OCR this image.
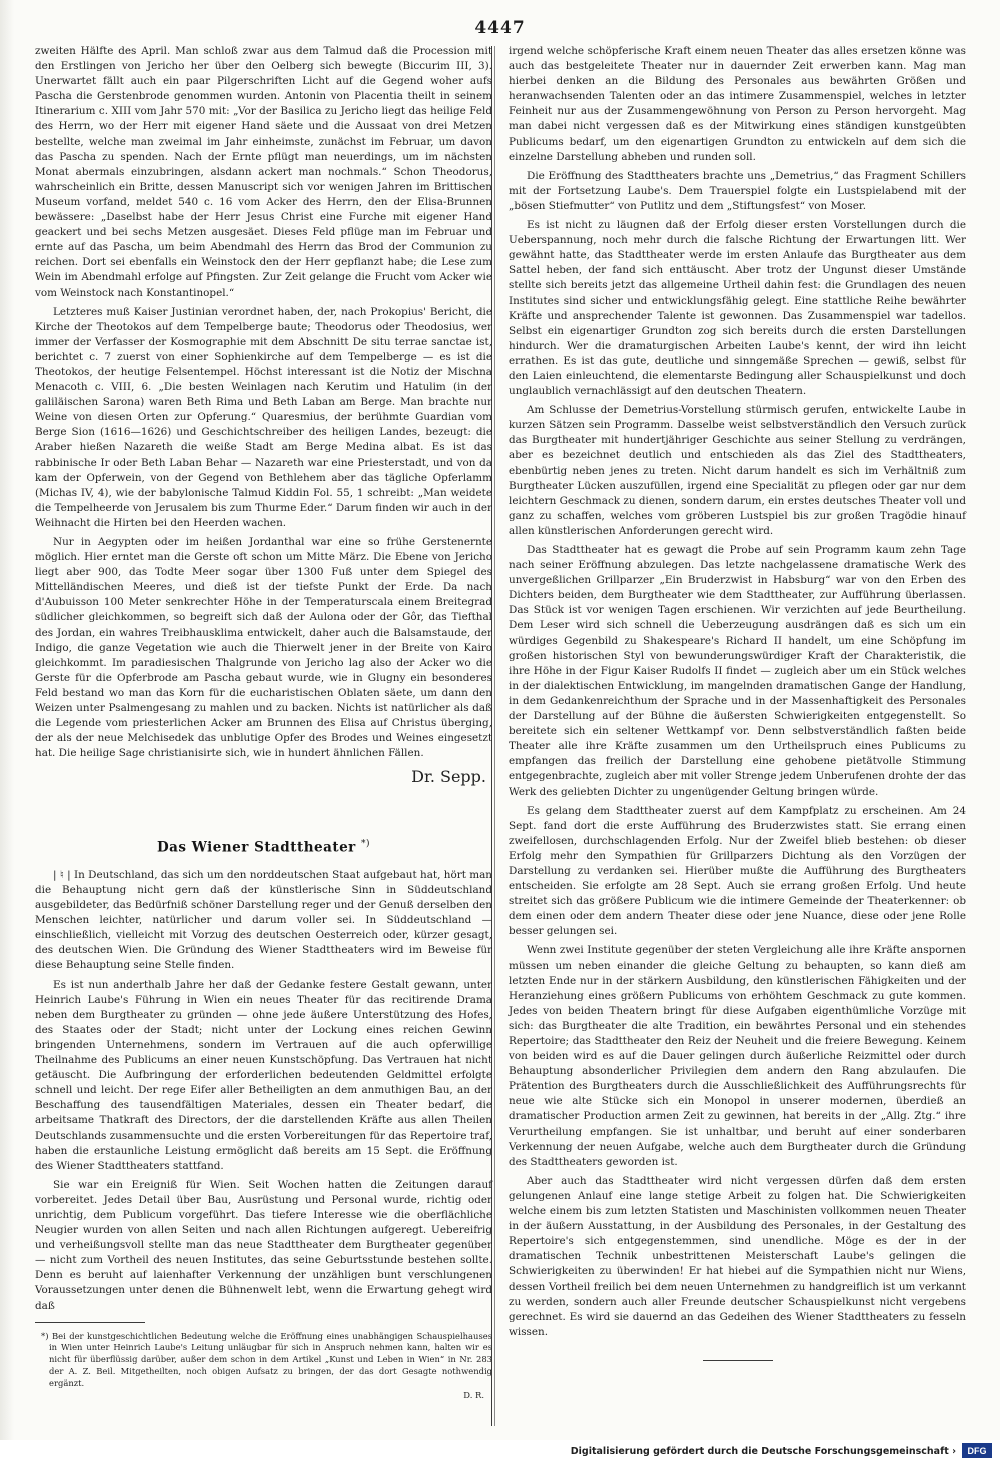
4447

zweiten Hälfte des April. Man schloß zwar aus dem Talmud daß die Procession mit den Erstlingen von Jericho her über den Oelberg sich bewegte (Biccurim III, 3). Unerwartet fällt auch ein paar Pilgerschriften Licht auf die Gegend woher aufs Pascha die Gerstenbrode genommen wurden. Antonin von Placentia theilt in seinem Itinerarium c. XIII vom Jahr 570 mit: „Vor der Basilica zu Jericho liegt das heilige Feld des Herrn, wo der Herr mit eigener Hand säete und die Aussaat von drei Metzen bestellte, welche man zweimal im Jahr einheimste, zunächst im Februar, um davon das Pascha zu spenden. Nach der Ernte pflügt man neuerdings, um im nächsten Monat abermals einzubringen, alsdann ackert man nochmals.“ Schon Theodorus, wahrscheinlich ein Britte, dessen Manuscript sich vor wenigen Jahren im Brittischen Museum vorfand, meldet 540 c. 16 vom Acker des Herrn, den der Elisa-Brunnen bewässere: „Daselbst habe der Herr Jesus Christ eine Furche mit eigener Hand geackert und bei sechs Metzen ausgesäet. Dieses Feld pflüge man im Februar und ernte auf das Pascha, um beim Abendmahl des Herrn das Brod der Communion zu reichen. Dort sei ebenfalls ein Weinstock den der Herr gepflanzt habe; die Lese zum Wein im Abendmahl erfolge auf Pfingsten. Zur Zeit gelange die Frucht vom Acker wie vom Weinstock nach Konstantinopel.“

Letzteres muß Kaiser Justinian verordnet haben, der, nach Prokopius' Bericht, die Kirche der Theotokos auf dem Tempelberge baute; Theodorus oder Theodosius, wer immer der Verfasser der Kosmographie mit dem Abschnitt De situ terrae sanctae ist, berichtet c. 7 zuerst von einer Sophienkirche auf dem Tempelberge — es ist die Theotokos, der heutige Felsentempel. Höchst interessant ist die Notiz der Mischna Menacoth c. VIII, 6. „Die besten Weinlagen nach Kerutim und Hatulim (in der galiläischen Sarona) waren Beth Rima und Beth Laban am Berge. Man brachte nur Weine von diesen Orten zur Opferung.“ Quaresmius, der berühmte Guardian vom Berge Sion (1616—1626) und Geschichtschreiber des heiligen Landes, bezeugt: die Araber hießen Nazareth die weiße Stadt am Berge Medina albat. Es ist das rabbinische Ir oder Beth Laban Behar — Nazareth war eine Priesterstadt, und von da kam der Opferwein, von der Gegend von Bethlehem aber das tägliche Opferlamm (Michas IV, 4), wie der babylonische Talmud Kiddin Fol. 55, 1 schreibt: „Man weidete die Tempelheerde von Jerusalem bis zum Thurme Eder.“ Darum finden wir auch in der Weihnacht die Hirten bei den Heerden wachen.

Nur in Aegypten oder im heißen Jordanthal war eine so frühe Gerstenernte möglich. Hier erntet man die Gerste oft schon um Mitte März. Die Ebene von Jericho liegt aber 900, das Todte Meer sogar über 1300 Fuß unter dem Spiegel des Mittelländischen Meeres, und dieß ist der tiefste Punkt der Erde. Da nach d'Aubuisson 100 Meter senkrechter Höhe in der Temperaturscala einem Breitegrad südlicher gleichkommen, so begreift sich daß der Aulona oder der Gôr, das Tiefthal des Jordan, ein wahres Treibhausklima entwickelt, daher auch die Balsamstaude, der Indigo, die ganze Vegetation wie auch die Thierwelt jener in der Breite von Kairo gleichkommt. Im paradiesischen Thalgrunde von Jericho lag also der Acker wo die Gerste für die Opferbrode am Pascha gebaut wurde, wie in Glugny ein besonderes Feld bestand wo man das Korn für die eucharistischen Oblaten säete, um dann den Weizen unter Psalmengesang zu mahlen und zu backen. Nichts ist natürlicher als daß die Legende vom priesterlichen Acker am Brunnen des Elisa auf Christus überging, der als der neue Melchisedek das unblutige Opfer des Brodes und Weines eingesetzt hat. Die heilige Sage christianisirte sich, wie in hundert ähnlichen Fällen.

Dr. Sepp.
Das Wiener Stadttheater *)

| ♮ | In Deutschland, das sich um den norddeutschen Staat aufgebaut hat, hört man die Behauptung nicht gern daß der künstlerische Sinn in Süddeutschland ausgebildeter, das Bedürfniß schöner Darstellung reger und der Genuß derselben den Menschen leichter, natürlicher und darum voller sei. In Süddeutschland — einschließlich, vielleicht mit Vorzug des deutschen Oesterreich oder, kürzer gesagt, des deutschen Wien. Die Gründung des Wiener Stadttheaters wird im Beweise für diese Behauptung seine Stelle finden.

Es ist nun anderthalb Jahre her daß der Gedanke festere Gestalt gewann, unter Heinrich Laube's Führung in Wien ein neues Theater für das recitirende Drama neben dem Burgtheater zu gründen — ohne jede äußere Unterstützung des Hofes, des Staates oder der Stadt; nicht unter der Lockung eines reichen Gewinn bringenden Unternehmens, sondern im Vertrauen auf die auch opferwillige Theilnahme des Publicums an einer neuen Kunstschöpfung. Das Vertrauen hat nicht getäuscht. Die Aufbringung der erforderlichen bedeutenden Geldmittel erfolgte schnell und leicht. Der rege Eifer aller Betheiligten an dem anmuthigen Bau, an der Beschaffung des tausendfältigen Materiales, dessen ein Theater bedarf, die arbeitsame Thatkraft des Directors, der die darstellenden Kräfte aus allen Theilen Deutschlands zusammensuchte und die ersten Vorbereitungen für das Repertoire traf, haben die erstaunliche Leistung ermöglicht daß bereits am 15 Sept. die Eröffnung des Wiener Stadttheaters stattfand.

Sie war ein Ereigniß für Wien. Seit Wochen hatten die Zeitungen darauf vorbereitet. Jedes Detail über Bau, Ausrüstung und Personal wurde, richtig oder unrichtig, dem Publicum vorgeführt. Das tiefere Interesse wie die oberflächliche Neugier wurden von allen Seiten und nach allen Richtungen aufgeregt. Uebereifrig und verheißungsvoll stellte man das neue Stadttheater dem Burgtheater gegenüber — nicht zum Vortheil des neuen Institutes, das seine Geburtsstunde bestehen sollte. Denn es beruht auf laienhafter Verkennung der unzähligen bunt verschlungenen Voraussetzungen unter denen die Bühnenwelt lebt, wenn die Erwartung gehegt wird daß

*) Bei der kunstgeschichtlichen Bedeutung welche die Eröffnung eines unabhängigen Schauspielhauses in Wien unter Heinrich Laube's Leitung unläugbar für sich in Anspruch nehmen kann, halten wir es nicht für überflüssig darüber, außer dem schon in dem Artikel „Kunst und Leben in Wien“ in Nr. 283 der A. Z. Beil. Mitgetheilten, noch obigen Aufsatz zu bringen, der das dort Gesagte nothwendig ergänzt.

D. R.

irgend welche schöpferische Kraft einem neuen Theater das alles ersetzen könne was auch das bestgeleitete Theater nur in dauernder Zeit erwerben kann. Mag man hierbei denken an die Bildung des Personales aus bewährten Größen und heranwachsenden Talenten oder an das intimere Zusammenspiel, welches in letzter Feinheit nur aus der Zusammengewöhnung von Person zu Person hervorgeht. Mag man dabei nicht vergessen daß es der Mitwirkung eines ständigen kunstgeübten Publicums bedarf, um den eigenartigen Grundton zu entwickeln auf dem sich die einzelne Darstellung abheben und runden soll.

Die Eröffnung des Stadttheaters brachte uns „Demetrius,“ das Fragment Schillers mit der Fortsetzung Laube's. Dem Trauerspiel folgte ein Lustspielabend mit der „bösen Stiefmutter“ von Putlitz und dem „Stiftungsfest“ von Moser.

Es ist nicht zu läugnen daß der Erfolg dieser ersten Vorstellungen durch die Ueberspannung, noch mehr durch die falsche Richtung der Erwartungen litt. Wer gewähnt hatte, das Stadttheater werde im ersten Anlaufe das Burgtheater aus dem Sattel heben, der fand sich enttäuscht. Aber trotz der Ungunst dieser Umstände stellte sich bereits jetzt das allgemeine Urtheil dahin fest: die Grundlagen des neuen Institutes sind sicher und entwicklungsfähig gelegt. Eine stattliche Reihe bewährter Kräfte und ansprechender Talente ist gewonnen. Das Zusammenspiel war tadellos. Selbst ein eigenartiger Grundton zog sich bereits durch die ersten Darstellungen hindurch. Wer die dramaturgischen Arbeiten Laube's kennt, der wird ihn leicht errathen. Es ist das gute, deutliche und sinngemäße Sprechen — gewiß, selbst für den Laien einleuchtend, die elementarste Bedingung aller Schauspielkunst und doch unglaublich vernachlässigt auf den deutschen Theatern.

Am Schlusse der Demetrius-Vorstellung stürmisch gerufen, entwickelte Laube in kurzen Sätzen sein Programm. Dasselbe weist selbstverständlich den Versuch zurück das Burgtheater mit hundertjähriger Geschichte aus seiner Stellung zu verdrängen, aber es bezeichnet deutlich und entschieden als das Ziel des Stadttheaters, ebenbürtig neben jenes zu treten. Nicht darum handelt es sich im Verhältniß zum Burgtheater Lücken auszufüllen, irgend eine Specialität zu pflegen oder gar nur dem leichtern Geschmack zu dienen, sondern darum, ein erstes deutsches Theater voll und ganz zu schaffen, welches vom gröberen Lustspiel bis zur großen Tragödie hinauf allen künstlerischen Anforderungen gerecht wird.

Das Stadttheater hat es gewagt die Probe auf sein Programm kaum zehn Tage nach seiner Eröffnung abzulegen. Das letzte nachgelassene dramatische Werk des unvergeßlichen Grillparzer „Ein Bruderzwist in Habsburg“ war von den Erben des Dichters beiden, dem Burgtheater wie dem Stadttheater, zur Aufführung überlassen. Das Stück ist vor wenigen Tagen erschienen. Wir verzichten auf jede Beurtheilung. Dem Leser wird sich schnell die Ueberzeugung ausdrängen daß es sich um ein würdiges Gegenbild zu Shakespeare's Richard II handelt, um eine Schöpfung im großen historischen Styl von bewunderungswürdiger Kraft der Charakteristik, die ihre Höhe in der Figur Kaiser Rudolfs II findet — zugleich aber um ein Stück welches in der dialektischen Entwicklung, im mangelnden dramatischen Gange der Handlung, in dem Gedankenreichthum der Sprache und in der Massenhaftigkeit des Personales der Darstellung auf der Bühne die äußersten Schwierigkeiten entgegenstellt. So bereitete sich ein seltener Wettkampf vor. Denn selbstverständlich faßten beide Theater alle ihre Kräfte zusammen um den Urtheilspruch eines Publicums zu empfangen das freilich der Darstellung eine gehobene pietätvolle Stimmung entgegenbrachte, zugleich aber mit voller Strenge jedem Unberufenen drohte der das Werk des geliebten Dichter zu ungenügender Geltung bringen würde.

Es gelang dem Stadttheater zuerst auf dem Kampfplatz zu erscheinen. Am 24 Sept. fand dort die erste Aufführung des Bruderzwistes statt. Sie errang einen zweifellosen, durchschlagenden Erfolg. Nur der Zweifel blieb bestehen: ob dieser Erfolg mehr den Sympathien für Grillparzers Dichtung als den Vorzügen der Darstellung zu verdanken sei. Hierüber mußte die Aufführung des Burgtheaters entscheiden. Sie erfolgte am 28 Sept. Auch sie errang großen Erfolg. Und heute streitet sich das größere Publicum wie die intimere Gemeinde der Theaterkenner: ob dem einen oder dem andern Theater diese oder jene Nuance, diese oder jene Rolle besser gelungen sei.

Wenn zwei Institute gegenüber der steten Vergleichung alle ihre Kräfte anspornen müssen um neben einander die gleiche Geltung zu behaupten, so kann dieß am letzten Ende nur in der stärkern Ausbildung, den künstlerischen Fähigkeiten und der Heranziehung eines größern Publicums von erhöhtem Geschmack zu gute kommen. Jedes von beiden Theatern bringt für diese Aufgaben eigenthümliche Vorzüge mit sich: das Burgtheater die alte Tradition, ein bewährtes Personal und ein stehendes Repertoire; das Stadttheater den Reiz der Neuheit und die freiere Bewegung. Keinem von beiden wird es auf die Dauer gelingen durch äußerliche Reizmittel oder durch Behauptung absonderlicher Privilegien dem andern den Rang abzulaufen. Die Prätention des Burgtheaters durch die Ausschließlichkeit des Aufführungsrechts für neue wie alte Stücke sich ein Monopol in unserer modernen, überdieß an dramatischer Production armen Zeit zu gewinnen, hat bereits in der „Allg. Ztg.“ ihre Verurtheilung empfangen. Sie ist unhaltbar, und beruht auf einer sonderbaren Verkennung der neuen Aufgabe, welche auch dem Burgtheater durch die Gründung des Stadttheaters geworden ist.

Aber auch das Stadttheater wird nicht vergessen dürfen daß dem ersten gelungenen Anlauf eine lange stetige Arbeit zu folgen hat. Die Schwierigkeiten welche einem bis zum letzten Statisten und Maschinisten vollkommen neuen Theater in der äußern Ausstattung, in der Ausbildung des Personales, in der Gestaltung des Repertoire's sich entgegenstemmen, sind unendliche. Möge es der in der dramatischen Technik unbestrittenen Meisterschaft Laube's gelingen die Schwierigkeiten zu überwinden! Er hat hiebei auf die Sympathien nicht nur Wiens, dessen Vortheil freilich bei dem neuen Unternehmen zu handgreiflich ist um verkannt zu werden, sondern auch aller Freunde deutscher Schauspielkunst nicht vergebens gerechnet. Es wird sie dauernd an das Gedeihen des Wiener Stadttheaters zu fesseln wissen.

Digitalisierung gefördert durch die Deutsche Forschungsgemeinschaft › DFG
